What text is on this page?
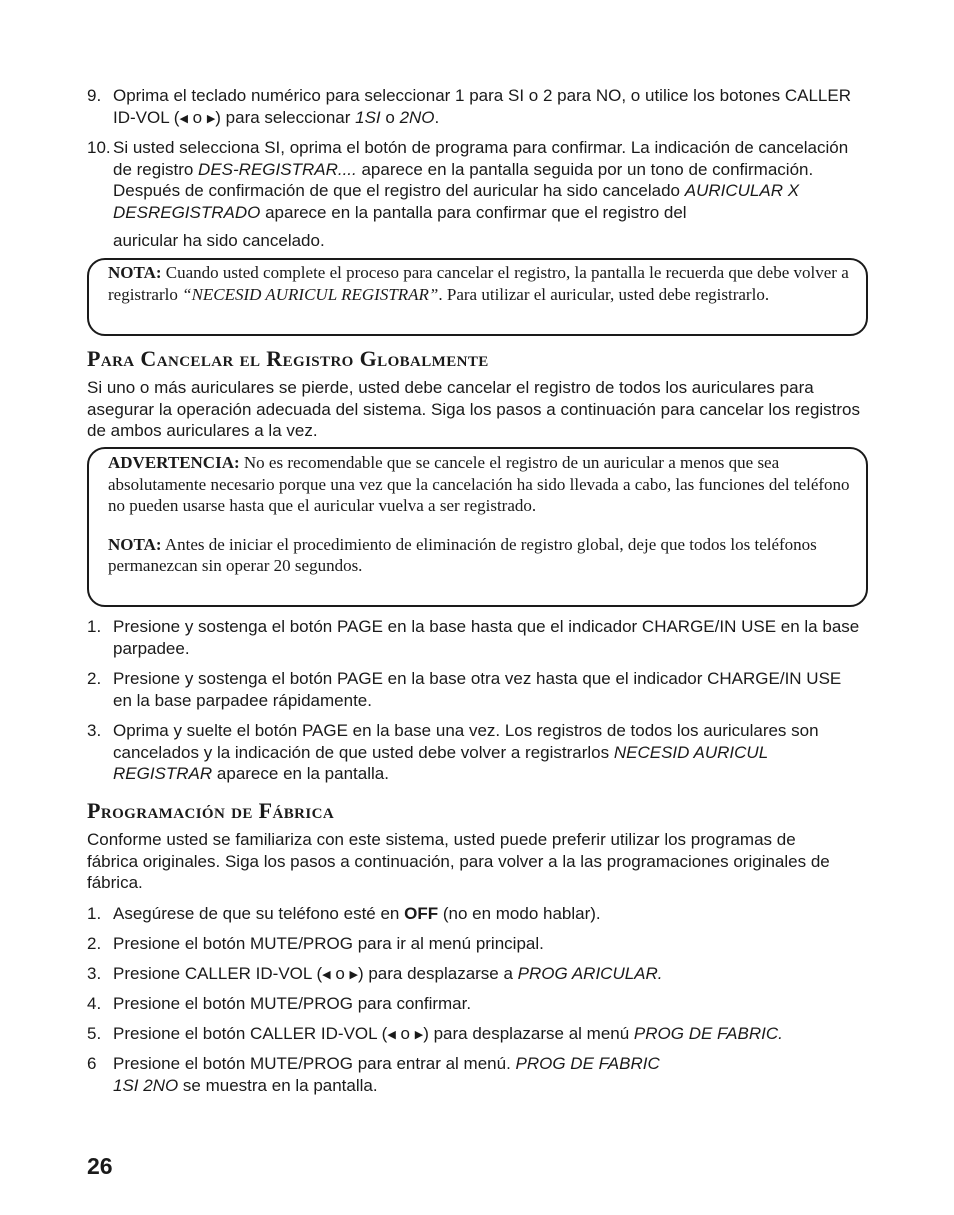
9. Oprima el teclado numérico para seleccionar 1 para SI o 2 para NO, o utilice los botones CALLER ID-VOL (◀ o ▶) para seleccionar 1SI o 2NO.
10. Si usted selecciona SI, oprima el botón de programa para confirmar. La indicación de cancelación de registro DES-REGISTRAR.... aparece en la pantalla seguida por un tono de confirmación. Después de confirmación de que el registro del auricular ha sido cancelado AURICULAR X DESREGISTRADO aparece en la pantalla para confirmar que el registro del
auricular ha sido cancelado.
NOTA: Cuando usted complete el proceso para cancelar el registro, la pantalla le recuerda que debe volver a registrarlo “NECESID AURICUL REGISTRAR”. Para utilizar el auricular, usted debe registrarlo.
Para Cancelar el Registro Globalmente
Si uno o más auriculares se pierde, usted debe cancelar el registro de todos los auriculares para asegurar la operación adecuada del sistema. Siga los pasos a continuación para cancelar los registros de ambos auriculares a la vez.
ADVERTENCIA: No es recomendable que se cancele el registro de un auricular a menos que sea absolutamente necesario porque una vez que la cancelación ha sido llevada a cabo, las funciones del teléfono no pueden usarse hasta que el auricular vuelva a ser registrado.
NOTA: Antes de iniciar el procedimiento de eliminación de registro global, deje que todos los teléfonos permanezcan sin operar 20 segundos.
1. Presione y sostenga el botón PAGE en la base hasta que el indicador CHARGE/IN USE en la base parpadee.
2. Presione y sostenga el botón PAGE en la base otra vez hasta que el indicador CHARGE/IN USE en la base parpadee rápidamente.
3. Oprima y suelte el botón PAGE en la base una vez. Los registros de todos los auriculares son cancelados y la indicación de que usted debe volver a registrarlos NECESID AURICUL REGISTRAR aparece en la pantalla.
Programación de Fábrica
Conforme usted se familiariza con este sistema, usted puede preferir utilizar los programas de fábrica originales. Siga los pasos a continuación, para volver a la las programaciones originales de fábrica.
1. Asegúrese de que su teléfono esté en OFF (no en modo hablar).
2. Presione el botón MUTE/PROG para ir al menú principal.
3. Presione CALLER ID-VOL (◀ o ▶) para desplazarse a PROG ARICULAR.
4. Presione el botón MUTE/PROG para confirmar.
5. Presione el botón CALLER ID-VOL (◀ o ▶) para desplazarse al menú PROG DE FABRIC.
6 Presione el botón MUTE/PROG para entrar al menú. PROG DE FABRIC
1SI 2NO se muestra en la pantalla.
26
